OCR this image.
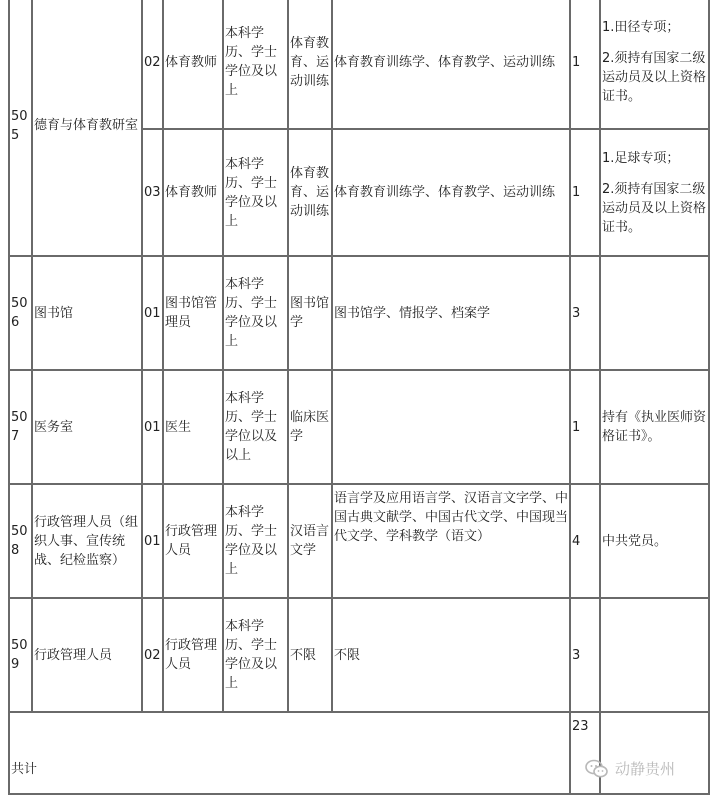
505	德育与体育教研室	02	体育教师	本科学历、学士学位及以上	体育教育、运动训练	体育教育训练学、体育教学、运动训练	1	1.田径专项；

2.须持有国家二级运动员及以上资格证书。

		03	体育教师	本科学历、学士学位及以上	体育教育、运动训练	体育教育训练学、体育教学、运动训练	1	1.足球专项；

2.须持有国家二级运动员及以上资格证书。

506	图书馆	01	图书馆管理员	本科学历、学士学位及以上	图书馆学	图书馆学、情报学、档案学	3	
507	医务室	01	医生	本科学历、学士学位以及以上	临床医学		1	持有《执业医师资格证书》。

508	行政管理人员（组织人事、宣传统战、纪检监察）	01	行政管理人员	本科学历、学士学位及以上	汉语言文学	语言学及应用语言学、汉语言文字学、中国古典文献学、中国古代文学、中国现当代文学、学科教学（语文）	4	中共党员。

509	行政管理人员	02	行政管理人员	本科学历、学士学位及以上	不限	不限	3	
共计							23	
动静贵州
